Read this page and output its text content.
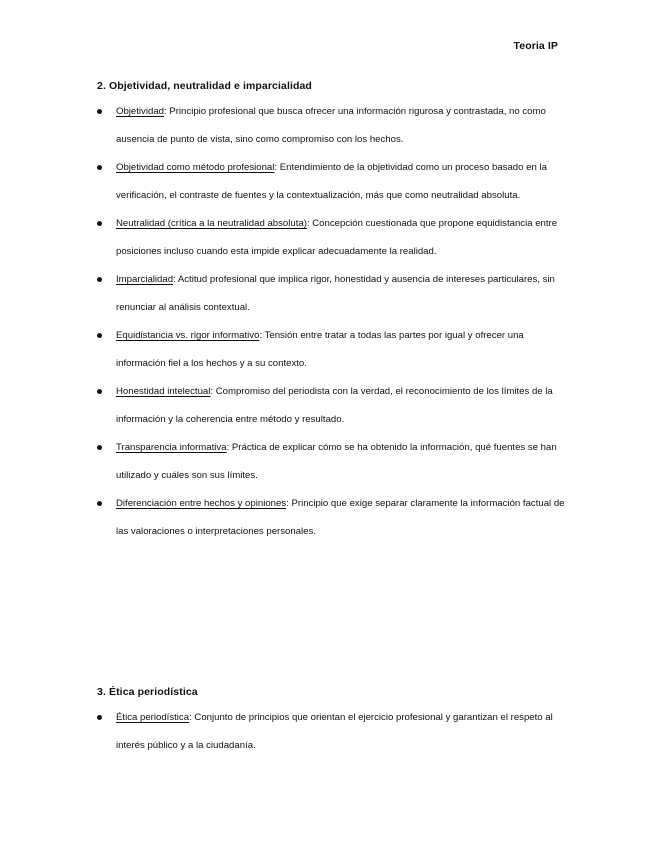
Teoria IP
2. Objetividad, neutralidad e imparcialidad
Objetividad: Principio profesional que busca ofrecer una información rigurosa y contrastada, no como ausencia de punto de vista, sino como compromiso con los hechos.
Objetividad como método profesional: Entendimiento de la objetividad como un proceso basado en la verificación, el contraste de fuentes y la contextualización, más que como neutralidad absoluta.
Neutralidad (crítica a la neutralidad absoluta): Concepción cuestionada que propone equidistancia entre posiciones incluso cuando esta impide explicar adecuadamente la realidad.
Imparcialidad: Actitud profesional que implica rigor, honestidad y ausencia de intereses particulares, sin renunciar al análisis contextual.
Equidistancia vs. rigor informativo: Tensión entre tratar a todas las partes por igual y ofrecer una información fiel a los hechos y a su contexto.
Honestidad intelectual: Compromiso del periodista con la verdad, el reconocimiento de los límites de la información y la coherencia entre método y resultado.
Transparencia informativa: Práctica de explicar cómo se ha obtenido la información, qué fuentes se han utilizado y cuáles son sus límites.
Diferenciación entre hechos y opiniones: Principio que exige separar claramente la información factual de las valoraciones o interpretaciones personales.
3. Ética periodística
Ética periodística: Conjunto de principios que orientan el ejercicio profesional y garantizan el respeto al interés público y a la ciudadanía.
